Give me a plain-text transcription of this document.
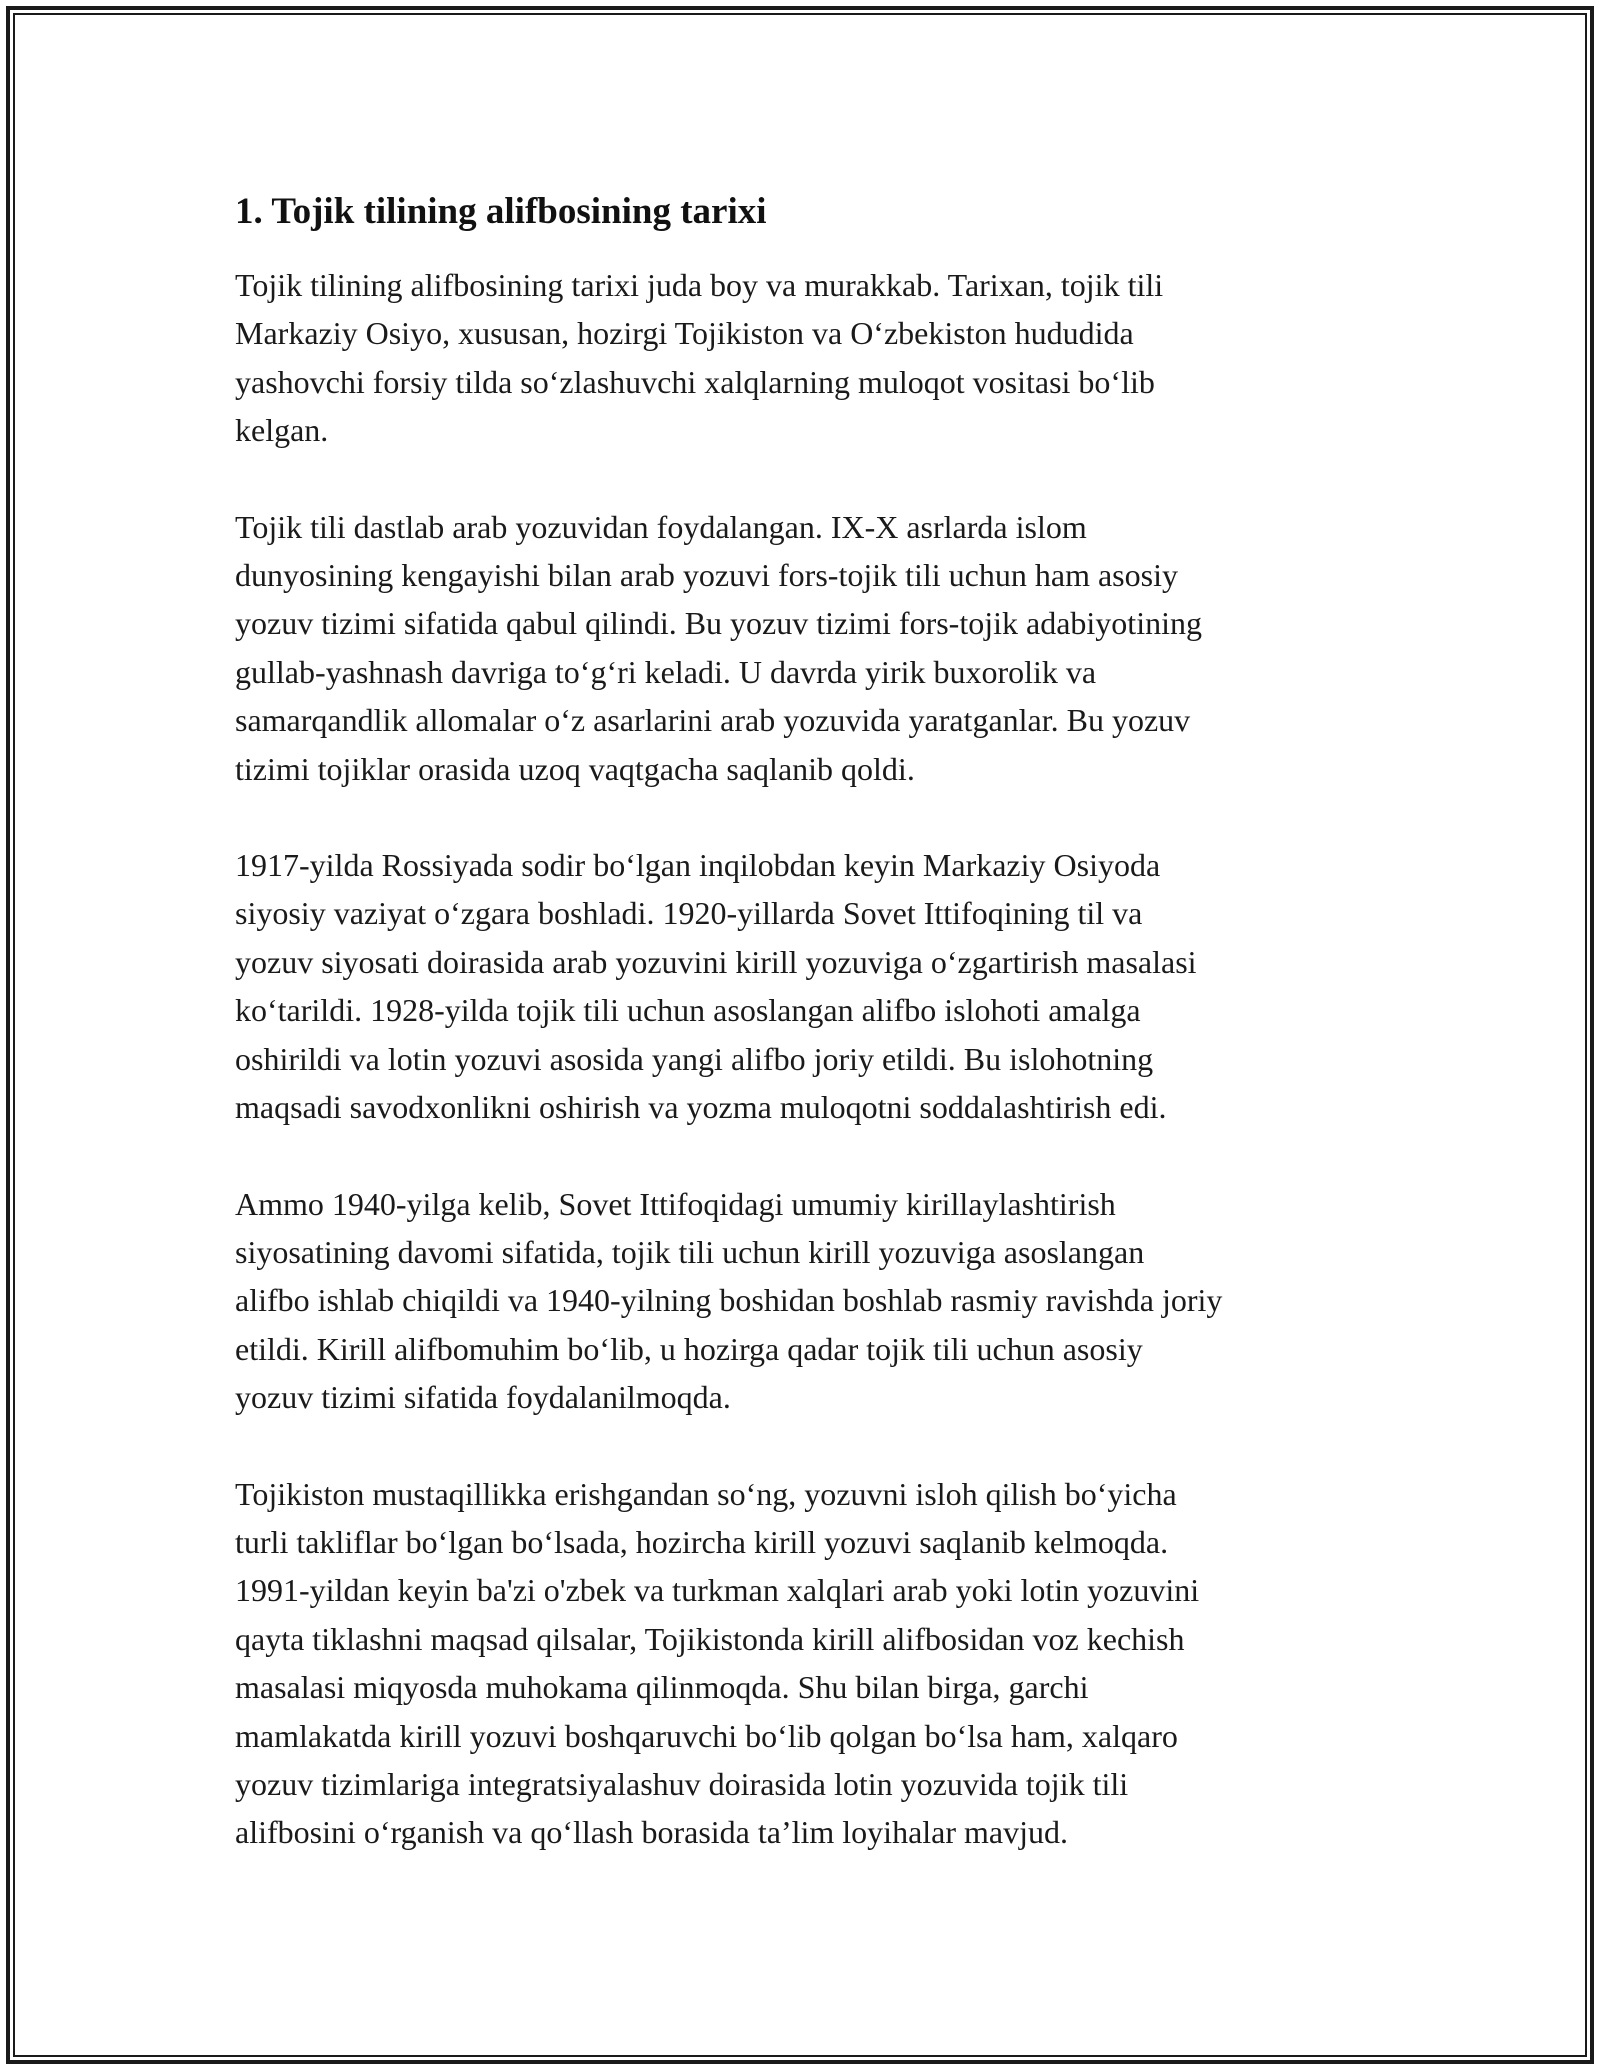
1. Tojik tilining alifbosining tarixi

Tojik tilining alifbosining tarixi juda boy va murakkab. Tarixan, tojik tili
Markaziy Osiyo, xususan, hozirgi Tojikiston va Oʻzbekiston hududida
yashovchi forsiy tilda soʻzlashuvchi xalqlarning muloqot vositasi boʻlib
kelgan.

Tojik tili dastlab arab yozuvidan foydalangan. IX-X asrlarda islom
dunyosining kengayishi bilan arab yozuvi fors-tojik tili uchun ham asosiy
yozuv tizimi sifatida qabul qilindi. Bu yozuv tizimi fors-tojik adabiyotining
gullab-yashnash davriga toʻgʻri keladi. U davrda yirik buxorolik va
samarqandlik allomalar oʻz asarlarini arab yozuvida yaratganlar. Bu yozuv
tizimi tojiklar orasida uzoq vaqtgacha saqlanib qoldi.

1917-yilda Rossiyada sodir boʻlgan inqilobdan keyin Markaziy Osiyoda
siyosiy vaziyat oʻzgara boshladi. 1920-yillarda Sovet Ittifoqining til va
yozuv siyosati doirasida arab yozuvini kirill yozuviga oʻzgartirish masalasi
koʻtarildi. 1928-yilda tojik tili uchun asoslangan alifbo islohoti amalga
oshirildi va lotin yozuvi asosida yangi alifbo joriy etildi. Bu islohotning
maqsadi savodxonlikni oshirish va yozma muloqotni soddalashtirish edi.

Ammo 1940-yilga kelib, Sovet Ittifoqidagi umumiy kirillaylashtirish
siyosatining davomi sifatida, tojik tili uchun kirill yozuviga asoslangan
alifbo ishlab chiqildi va 1940-yilning boshidan boshlab rasmiy ravishda joriy
etildi. Kirill alifbomuhim boʻlib, u hozirga qadar tojik tili uchun asosiy
yozuv tizimi sifatida foydalanilmoqda.

Tojikiston mustaqillikka erishgandan soʻng, yozuvni isloh qilish boʻyicha
turli takliflar boʻlgan boʻlsada, hozircha kirill yozuvi saqlanib kelmoqda.
1991-yildan keyin ba'zi o'zbek va turkman xalqlari arab yoki lotin yozuvini
qayta tiklashni maqsad qilsalar, Tojikistonda kirill alifbosidan voz kechish
masalasi miqyosda muhokama qilinmoqda. Shu bilan birga, garchi
mamlakatda kirill yozuvi boshqaruvchi boʻlib qolgan boʻlsa ham, xalqaro
yozuv tizimlariga integratsiyalashuv doirasida lotin yozuvida tojik tili
alifbosini oʻrganish va qoʻllash borasida taʼlim loyihalar mavjud.
